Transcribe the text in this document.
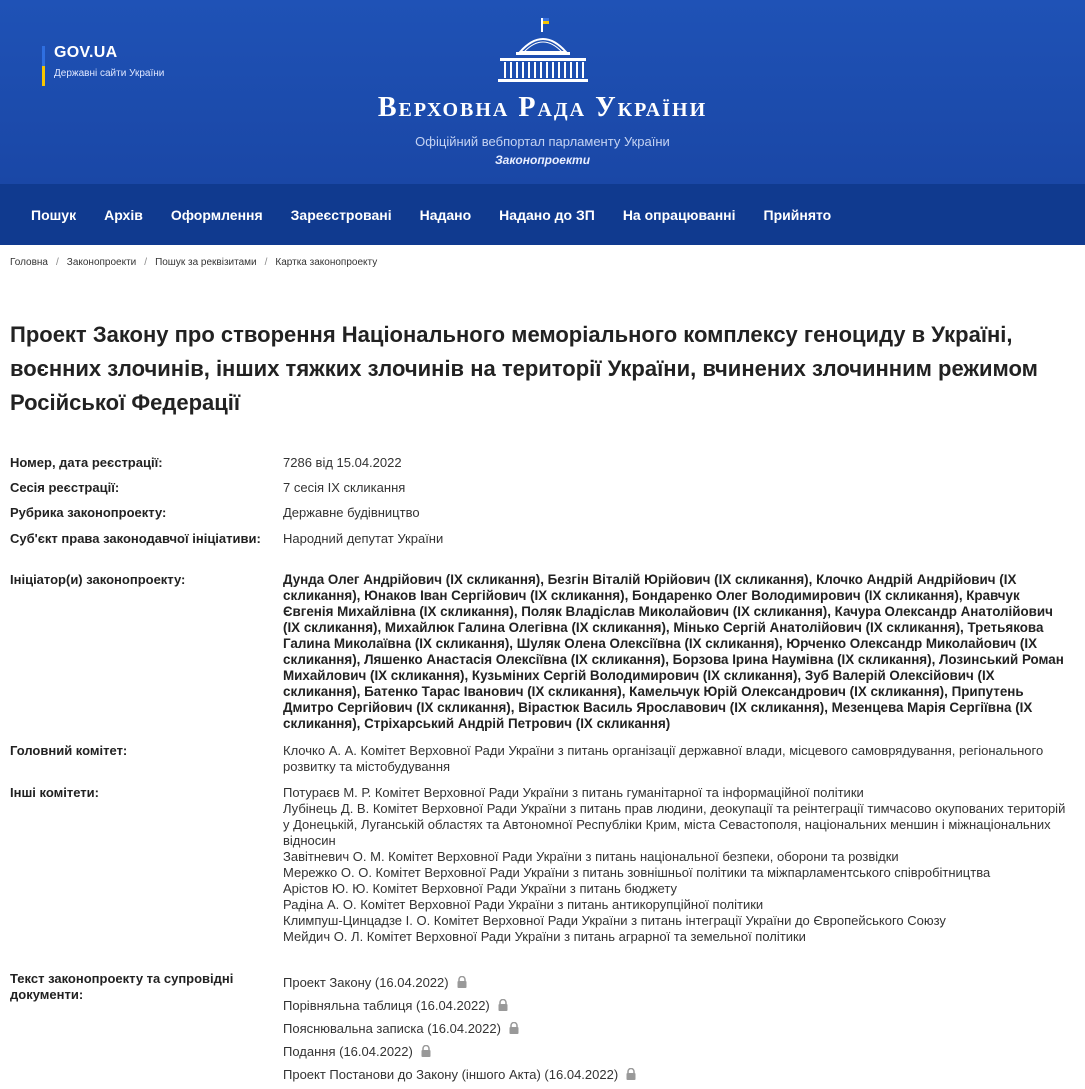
GOV.UA
Державні сайти України
Верховна Рада України
Офіційний вебпортал парламенту України
Законопроекти
Пошук Архів Оформлення Зареєстровані Надано Надано до ЗП На опрацюванні Прийнято
Головна / Законопроекти / Пошук за реквізитами / Картка законопроекту
Проект Закону про створення Національного меморіального комплексу геноциду в Україні, воєнних злочинів, інших тяжких злочинів на території України, вчинених злочинним режимом Російської Федерації
Номер, дата реєстрації:	7286 від 15.04.2022
Сесія реєстрації:	7 сесія IX скликання
Рубрика законопроекту:	Державне будівництво
Суб'єкт права законодавчої ініціативи:	Народний депутат України
Ініціатор(и) законопроекту:	Дунда Олег Андрійович (IX скликання), Безгін Віталій Юрійович (IX скликання), Клочко Андрій Андрійович (IX скликання), Юнаков Іван Сергійович (IX скликання), Бондаренко Олег Володимирович (IX скликання), Кравчук Євгенія Михайлівна (IX скликання), Поляк Владіслав Миколайович (IX скликання), Качура Олександр Анатолійович (IX скликання), Михайлюк Галина Олегівна (IX скликання), Мінько Сергій Анатолійович (IX скликання), Третьякова Галина Миколаївна (IX скликання), Шуляк Олена Олексіївна (IX скликання), Юрченко Олександр Миколайович (IX скликання), Ляшенко Анастасія Олексіївна (IX скликання), Борзова Ірина Наумівна (IX скликання), Лозинський Роман Михайлович (IX скликання), Кузьміних Сергій Володимирович (IX скликання), Зуб Валерій Олексійович (IX скликання), Батенко Тарас Іванович (IX скликання), Камельчук Юрій Олександрович (IX скликання), Припутень Дмитро Сергійович (IX скликання), Вірастюк Василь Ярославович (IX скликання), Мезенцева Марія Сергіївна (IX скликання), Стріхарський Андрій Петрович (IX скликання)
Головний комітет:	Клочко А. А. Комітет Верховної Ради України з питань організації державної влади, місцевого самоврядування, регіонального розвитку та містобудування
Інші комітети:	Потураєв М. Р. Комітет Верховної Ради України з питань гуманітарної та інформаційної політики
Лубінець Д. В. Комітет Верховної Ради України з питань прав людини, деокупації та реінтеграції тимчасово окупованих територій у Донецькій, Луганській областях та Автономної Республіки Крим, міста Севастополя, національних меншин і міжнаціональних відносин
Завітневич О. М. Комітет Верховної Ради України з питань національної безпеки, оборони та розвідки
Мережко О. О. Комітет Верховної Ради України з питань зовнішньої політики та міжпарламентського співробітництва
Арістов Ю. Ю. Комітет Верховної Ради України з питань бюджету
Радіна А. О. Комітет Верховної Ради України з питань антикорупційної політики
Климпуш-Цинцадзе І. О. Комітет Верховної Ради України з питань інтеграції України до Європейського Союзу
Мейдич О. Л. Комітет Верховної Ради України з питань аграрної та земельної політики
Текст законопроекту та супровідні документи:
Проект Закону (16.04.2022)
Порівняльна таблиця (16.04.2022)
Пояснювальна записка (16.04.2022)
Подання (16.04.2022)
Проект Постанови до Закону (іншого Акта) (16.04.2022)
